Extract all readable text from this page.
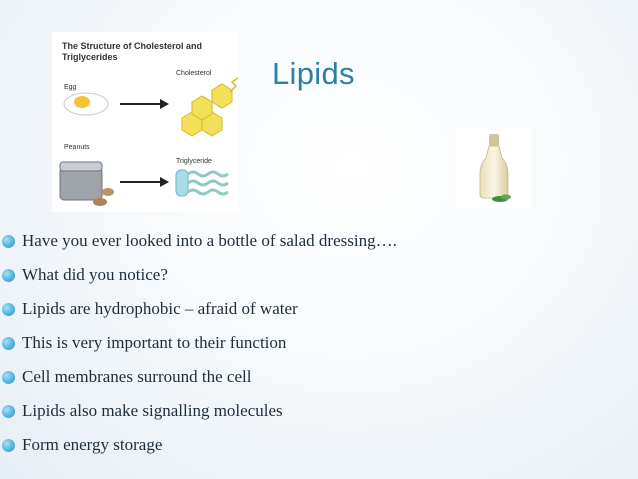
The Structure of Cholesterol and Triglycerides
Egg
Cholesterol
Peanuts
Triglyceride
Lipids
Have you ever looked into a bottle of salad dressing….
What did you notice?
Lipids are hydrophobic – afraid of water
This is very important to their function
Cell membranes surround the cell
Lipids also make signalling molecules
Form energy storage
